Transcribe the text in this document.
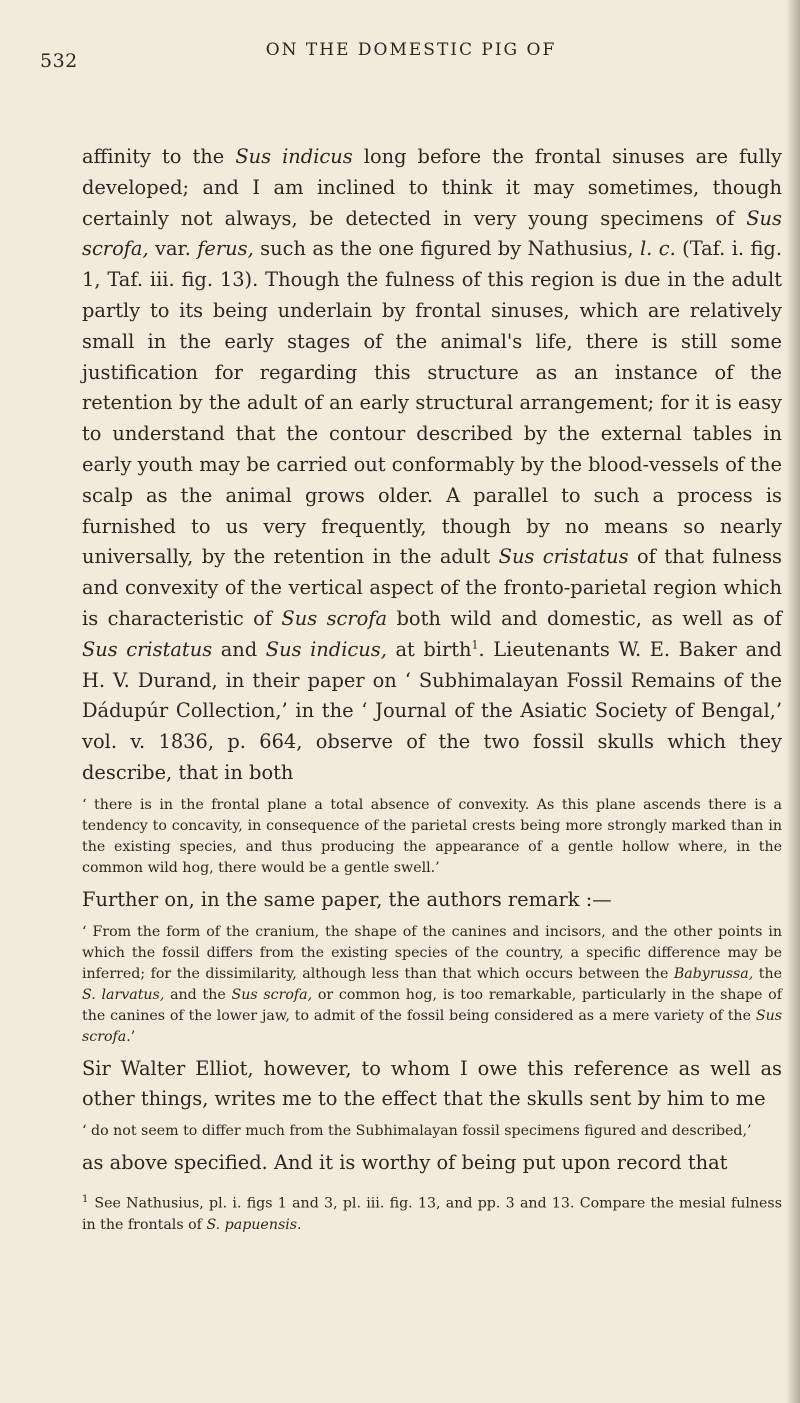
532	ON THE DOMESTIC PIG OF

affinity to the Sus indicus long before the frontal sinuses are fully developed; and I am inclined to think it may sometimes, though certainly not always, be detected in very young specimens of Sus scrofa, var. ferus, such as the one figured by Nathusius, l. c. (Taf. i. fig. 1, Taf. iii. fig. 13). Though the fulness of this region is due in the adult partly to its being underlain by frontal sinuses, which are relatively small in the early stages of the animal's life, there is still some justification for regarding this structure as an instance of the retention by the adult of an early structural arrangement; for it is easy to understand that the contour described by the external tables in early youth may be carried out conformably by the blood-vessels of the scalp as the animal grows older. A parallel to such a process is furnished to us very frequently, though by no means so nearly universally, by the retention in the adult Sus cristatus of that fulness and convexity of the vertical aspect of the fronto-parietal region which is characteristic of Sus scrofa both wild and domestic, as well as of Sus cristatus and Sus indicus, at birth$^1$. Lieutenants W. E. Baker and H. V. Durand, in their paper on ‘ Subhimalayan Fossil Remains of the Dádupúr Collection,’ in the ‘ Journal of the Asiatic Society of Bengal,’ vol. v. 1836, p. 664, observe of the two fossil skulls which they describe, that in both

‘ there is in the frontal plane a total absence of convexity. As this plane ascends there is a tendency to concavity, in consequence of the parietal crests being more strongly marked than in the existing species, and thus producing the appearance of a gentle hollow where, in the common wild hog, there would be a gentle swell.’

Further on, in the same paper, the authors remark :—

‘ From the form of the cranium, the shape of the canines and incisors, and the other points in which the fossil differs from the existing species of the country, a specific difference may be inferred; for the dissimilarity, although less than that which occurs between the Babyrussa, the S. larvatus, and the Sus scrofa, or common hog, is too remarkable, particularly in the shape of the canines of the lower jaw, to admit of the fossil being considered as a mere variety of the Sus scrofa.’

Sir Walter Elliot, however, to whom I owe this reference as well as other things, writes me to the effect that the skulls sent by him to me

‘ do not seem to differ much from the Subhimalayan fossil specimens figured and described,’

as above specified. And it is worthy of being put upon record that

$^1$ See Nathusius, pl. i. figs 1 and 3, pl. iii. fig. 13, and pp. 3 and 13. Compare the mesial fulness in the frontals of S. papuensis.
